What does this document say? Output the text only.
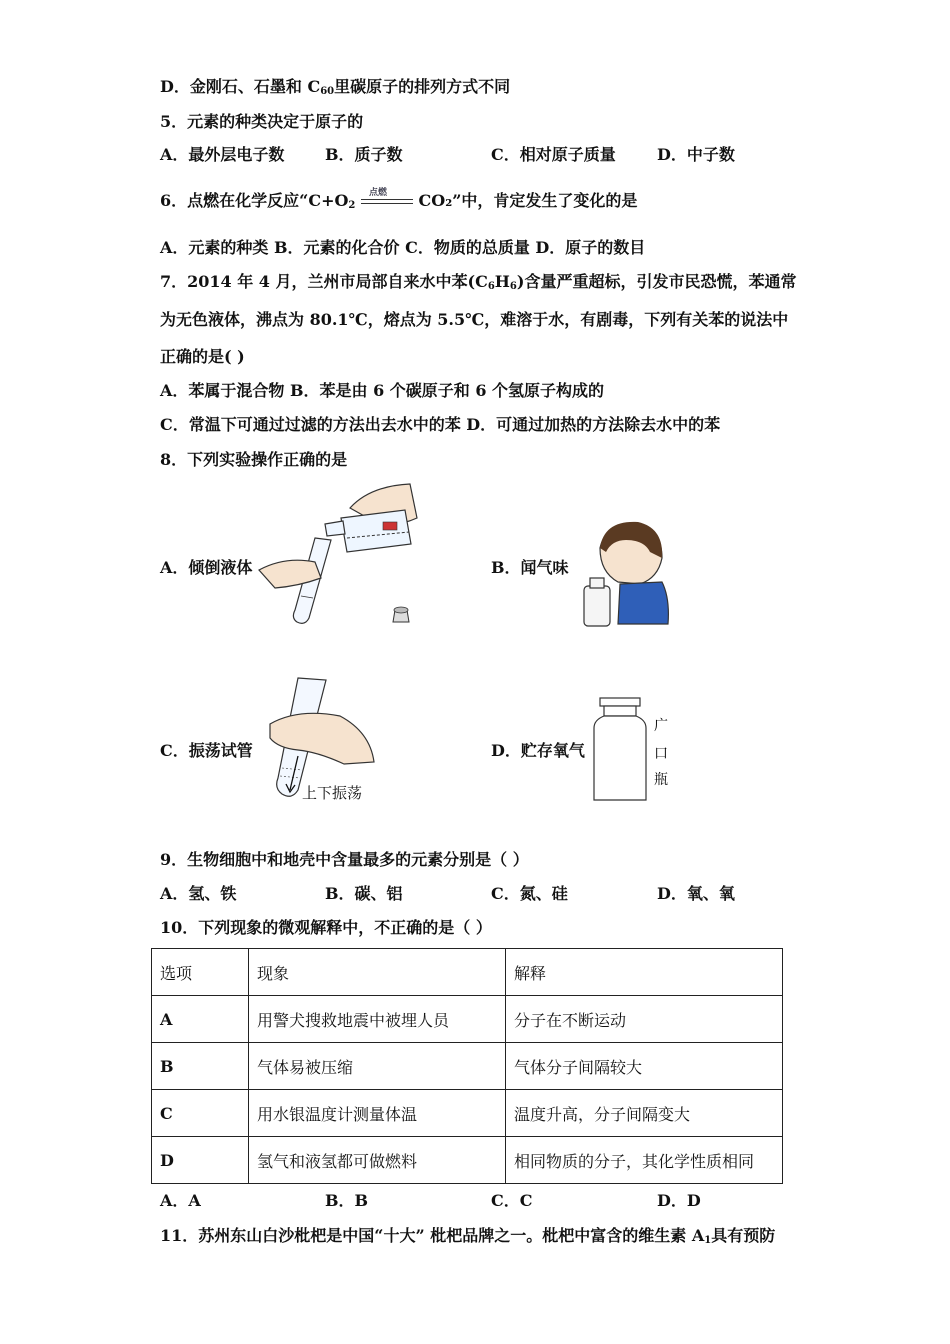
D．金刚石、石墨和 $C_{60}$里碳原子的排列方式不同
5．元素的种类决定于原子的
A．最外层电子数	B．质子数	C．相对原子质量	D．中子数
6．点燃在化学反应“$C+O_2$
点燃 CO₂”中，肯定发生了变化的是
A．元素的种类 B．元素的化合价 C．物质的总质量 D．原子的数目
7．2014 年 4 月，兰州市局部自来水中苯$(C_6H_6)$含量严重超标，引发市民恐慌，苯通常
为无色液体，沸点为 80.1℃，熔点为 5.5℃，难溶于水，有剧毒，下列有关苯的说法中
正确的是( )
A．苯属于混合物 B．苯是由 6 个碳原子和 6 个氢原子构成的
C．常温下可通过过滤的方法出去水中的苯 D．可通过加热的方法除去水中的苯
8．下列实验操作正确的是
A．倾倒液体	B．闻气味
C．振荡试管
上下振荡
D．贮存氧气
广
口
瓶
9．生物细胞中和地壳中含量最多的元素分别是（ ）
A．氢、铁	B．碳、铝	C．氮、硅	D．氧、氧
10．下列现象的微观解释中，不正确的是（ ）
选项	现象	解释
A	用警犬搜救地震中被埋人员	分子在不断运动
B	气体易被压缩	气体分子间隔较大
C	用水银温度计测量体温	温度升高，分子间隔变大
D	氢气和液氢都可做燃料	相同物质的分子，其化学性质相同
A．A	B．B	C．C	D．D
11．苏州东山白沙枇杷是中国“十大” 枇杷品牌之一。枇杷中富含的维生素 $A_1$具有预防
